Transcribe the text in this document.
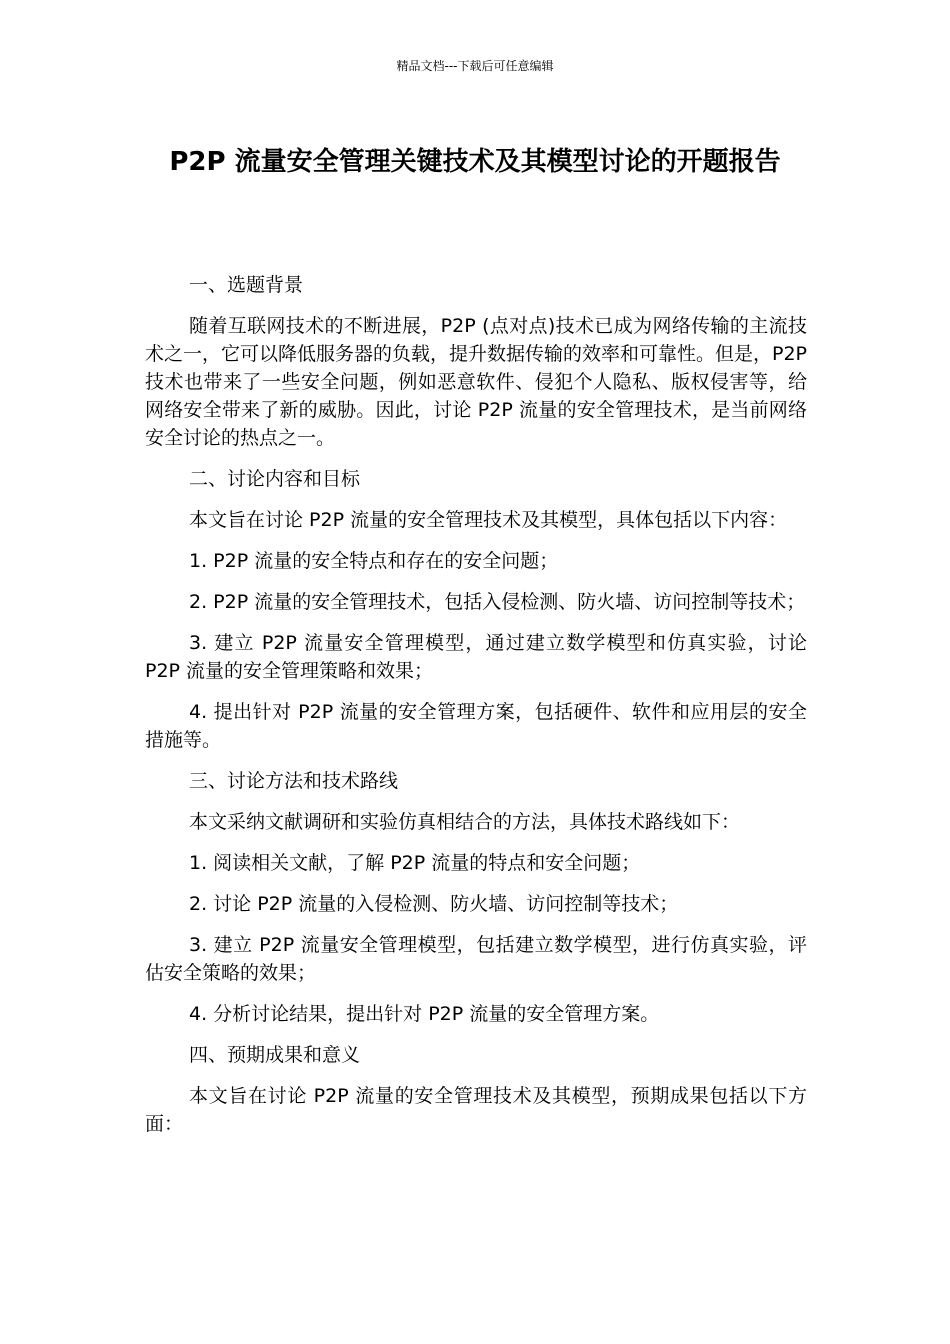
精品文档---下载后可任意编辑
P2P 流量安全管理关键技术及其模型讨论的开题报告

一、选题背景

随着互联网技术的不断进展，P2P (点对点)技术已成为网络传输的主流技术之一，它可以降低服务器的负载，提升数据传输的效率和可靠性。但是，P2P 技术也带来了一些安全问题，例如恶意软件、侵犯个人隐私、版权侵害等，给网络安全带来了新的威胁。因此，讨论 P2P 流量的安全管理技术，是当前网络安全讨论的热点之一。

二、讨论内容和目标

本文旨在讨论 P2P 流量的安全管理技术及其模型，具体包括以下内容：

1. P2P 流量的安全特点和存在的安全问题；

2. P2P 流量的安全管理技术，包括入侵检测、防火墙、访问控制等技术；

3. 建立 P2P 流量安全管理模型，通过建立数学模型和仿真实验，讨论 P2P 流量的安全管理策略和效果；

4. 提出针对 P2P 流量的安全管理方案，包括硬件、软件和应用层的安全措施等。

三、讨论方法和技术路线

本文采纳文献调研和实验仿真相结合的方法，具体技术路线如下：

1. 阅读相关文献，了解 P2P 流量的特点和安全问题；

2. 讨论 P2P 流量的入侵检测、防火墙、访问控制等技术；

3. 建立 P2P 流量安全管理模型，包括建立数学模型，进行仿真实验，评估安全策略的效果；

4. 分析讨论结果，提出针对 P2P 流量的安全管理方案。

四、预期成果和意义

本文旨在讨论 P2P 流量的安全管理技术及其模型，预期成果包括以下方面：
